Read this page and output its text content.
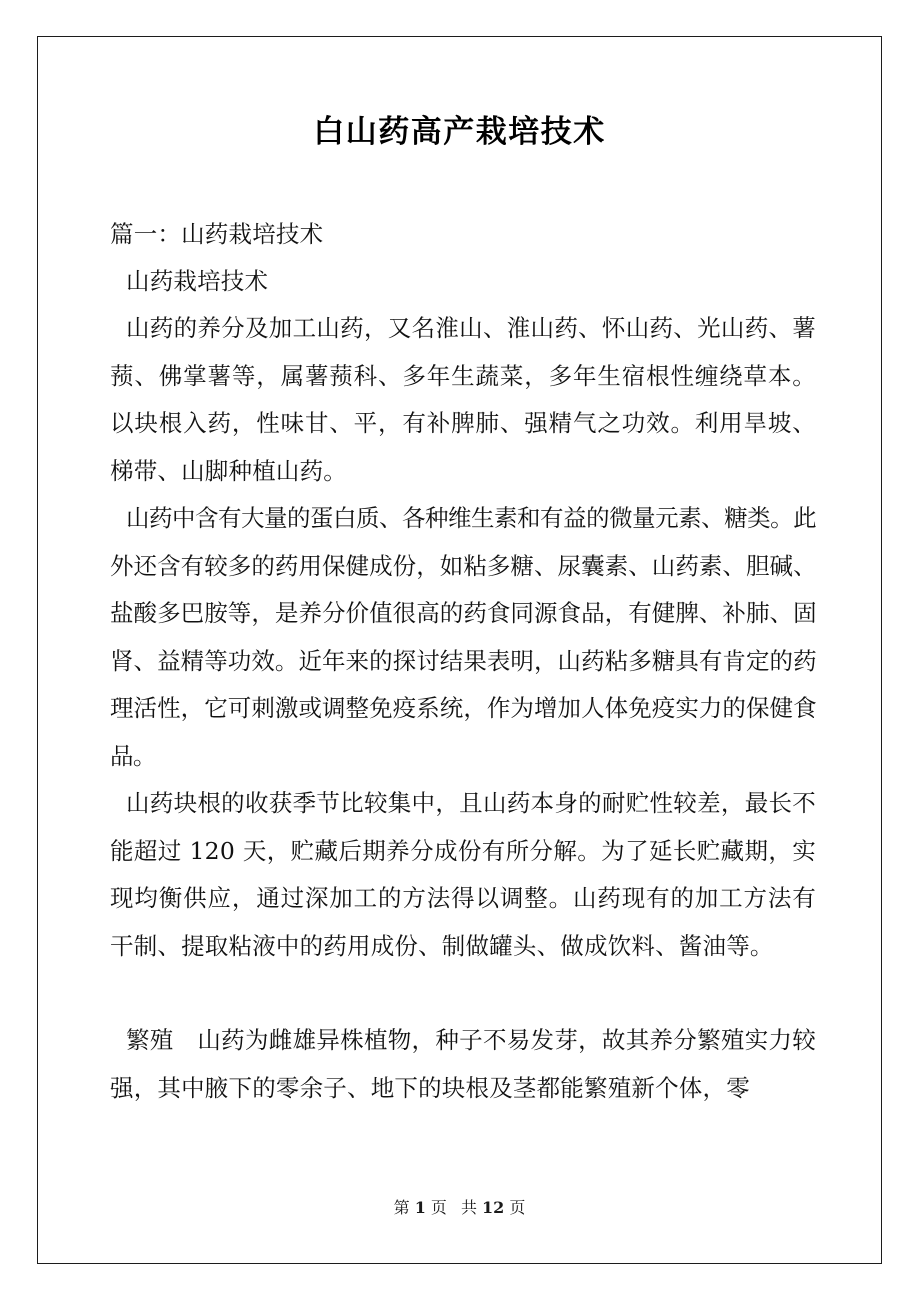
白山药高产栽培技术

篇一：山药栽培技术

山药栽培技术

山药的养分及加工山药，又名淮山、淮山药、怀山药、光山药、薯蓣、佛掌薯等，属薯蓣科、多年生蔬菜，多年生宿根性缠绕草本。以块根入药，性味甘、平，有补脾肺、强精气之功效。利用旱坡、梯带、山脚种植山药。

山药中含有大量的蛋白质、各种维生素和有益的微量元素、糖类。此外还含有较多的药用保健成份，如粘多糖、尿囊素、山药素、胆碱、盐酸多巴胺等，是养分价值很高的药食同源食品，有健脾、补肺、固肾、益精等功效。近年来的探讨结果表明，山药粘多糖具有肯定的药理活性，它可刺激或调整免疫系统，作为增加人体免疫实力的保健食品。

山药块根的收获季节比较集中，且山药本身的耐贮性较差，最长不能超过 120 天，贮藏后期养分成份有所分解。为了延长贮藏期，实现均衡供应，通过深加工的方法得以调整。山药现有的加工方法有干制、提取粘液中的药用成份、制做罐头、做成饮料、酱油等。

繁殖　山药为雌雄异株植物，种子不易发芽，故其养分繁殖实力较强，其中腋下的零余子、地下的块根及茎都能繁殖新个体，零

第 1 页 共 12 页
